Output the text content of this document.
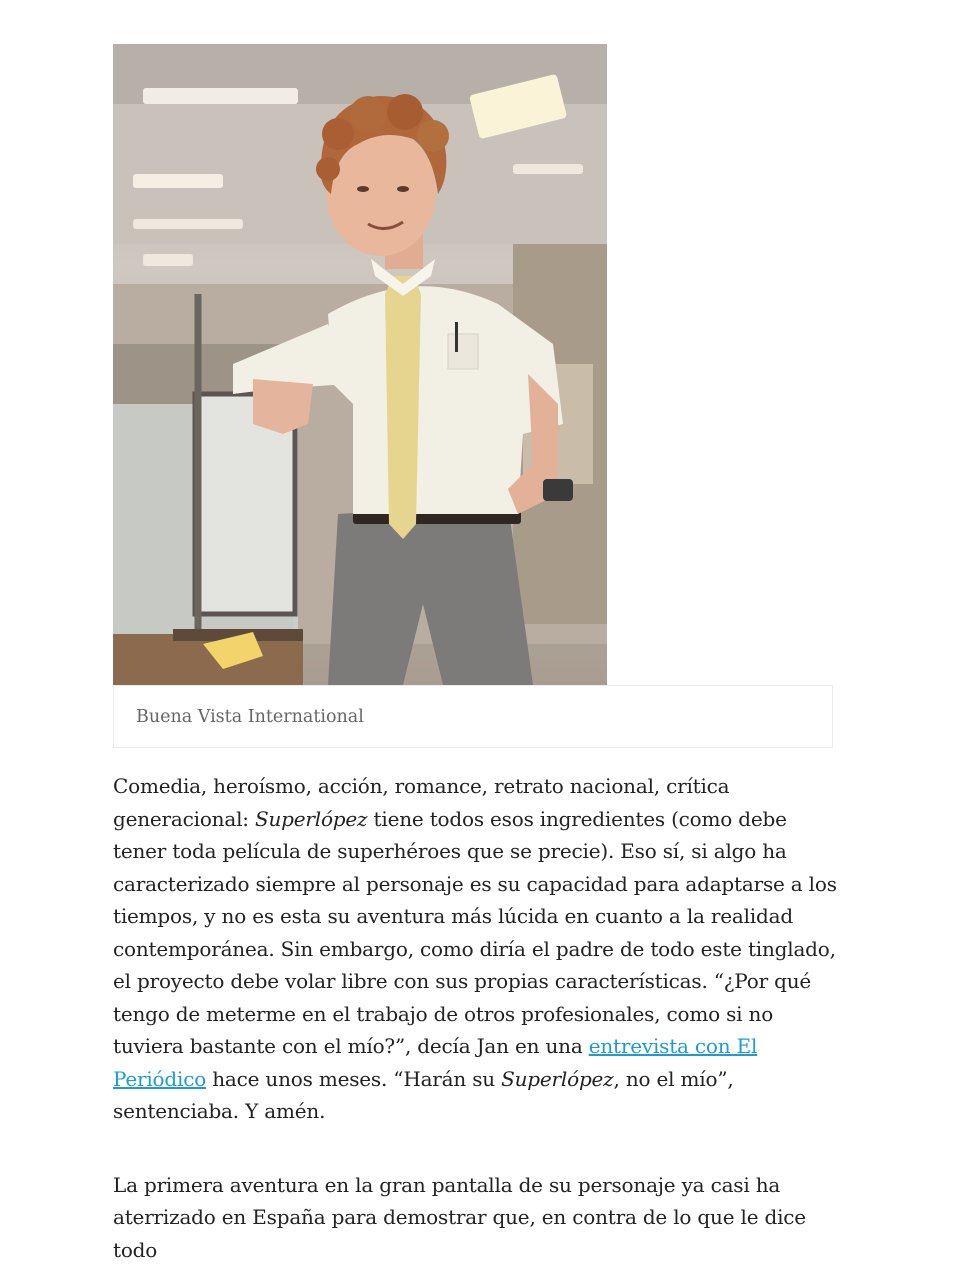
Buena Vista International

Comedia, heroísmo, acción, romance, retrato nacional, crítica generacional: Superlópez tiene todos esos ingredientes (como debe tener toda película de superhéroes que se precie). Eso sí, si algo ha caracterizado siempre al personaje es su capacidad para adaptarse a los tiempos, y no es esta su aventura más lúcida en cuanto a la realidad contemporánea. Sin embargo, como diría el padre de todo este tinglado, el proyecto debe volar libre con sus propias características. “¿Por qué tengo de meterme en el trabajo de otros profesionales, como si no tuviera bastante con el mío?”, decía Jan en una entrevista con El Periódico hace unos meses. “Harán su Superlópez, no el mío”, sentenciaba. Y amén.

La primera aventura en la gran pantalla de su personaje ya casi ha aterrizado en España para demostrar que, en contra de lo que le dice todo
